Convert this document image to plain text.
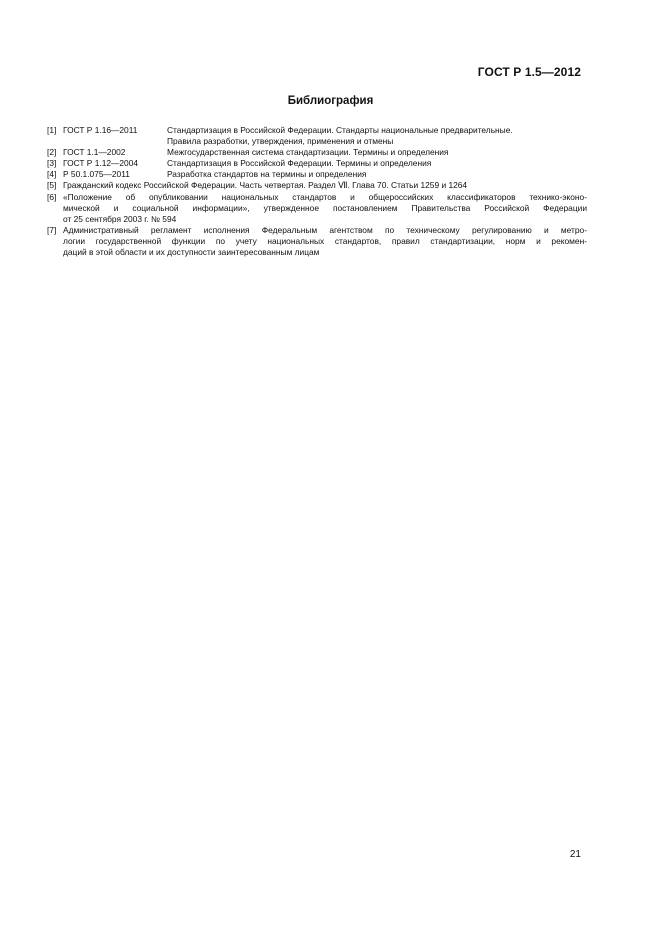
ГОСТ Р 1.5—2012
Библиография
[1] ГОСТ Р 1.16—2011	Стандартизация в Российской Федерации. Стандарты национальные предварительные.
Правила разработки, утверждения, применения и отмены
[2] ГОСТ 1.1—2002	Межгосударственная система стандартизации. Термины и определения
[3] ГОСТ Р 1.12—2004	Стандартизация в Российской Федерации. Термины и определения
[4] Р 50.1.075—2011	Разработка стандартов на термины и определения
[5] Гражданский кодекс Российской Федерации. Часть четвертая. Раздел Ⅶ. Глава 70. Статьи 1259 и 1264
[6] «Положение об опубликовании национальных стандартов и общероссийских классификаторов технико-эконо-
мической и социальной информации», утвержденное постановлением Правительства Российской Федерации
от 25 сентября 2003 г. № 594
[7] Административный регламент исполнения Федеральным агентством по техническому регулированию и метро-
логии государственной функции по учету национальных стандартов, правил стандартизации, норм и рекомен-
даций в этой области и их доступности заинтересованным лицам
21
